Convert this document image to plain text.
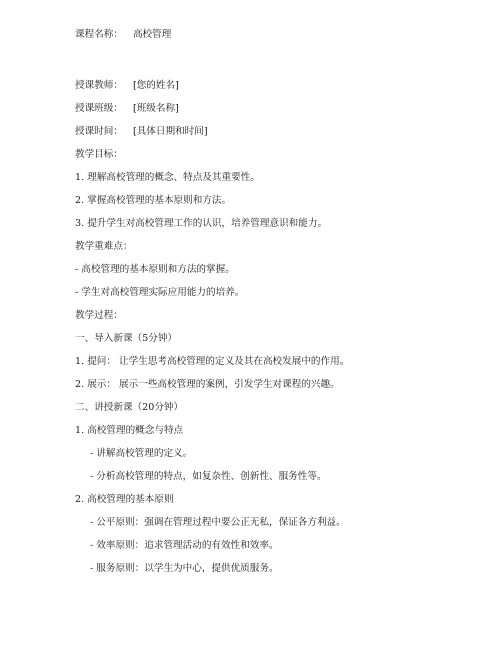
课程名称： 高校管理
授课教师： [您的姓名]
授课班级： [班级名称]
授课时间： [具体日期和时间]
教学目标：
1. 理解高校管理的概念、特点及其重要性。
2. 掌握高校管理的基本原则和方法。
3. 提升学生对高校管理工作的认识，培养管理意识和能力。
教学重难点：
- 高校管理的基本原则和方法的掌握。
- 学生对高校管理实际应用能力的培养。
教学过程：
一、导入新课（5分钟）
1. 提问： 让学生思考高校管理的定义及其在高校发展中的作用。
2. 展示： 展示一些高校管理的案例，引发学生对课程的兴趣。
二、讲授新课（20分钟）
1. 高校管理的概念与特点
- 讲解高校管理的定义。
- 分析高校管理的特点，如复杂性、创新性、服务性等。
2. 高校管理的基本原则
- 公平原则：强调在管理过程中要公正无私，保证各方利益。
- 效率原则：追求管理活动的有效性和效率。
- 服务原则：以学生为中心，提供优质服务。
